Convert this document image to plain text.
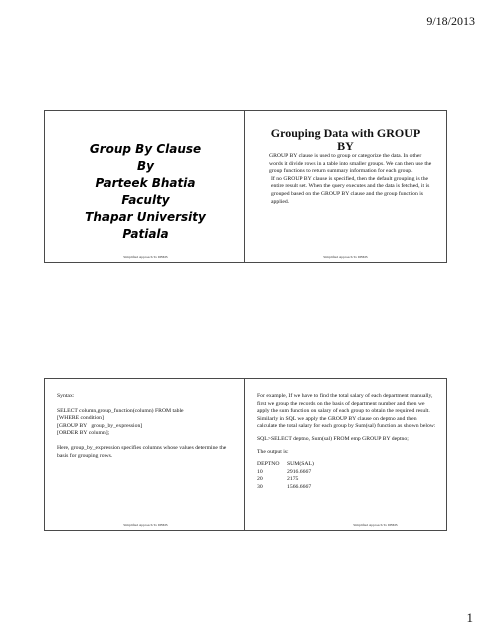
9/18/2013
Group By Clause
By
Parteek Bhatia
Faculty
Thapar University
Patiala
Simplified Approach To DBMS
Grouping Data with GROUP
BY
GROUP BY clause is used to group or categorize the data. In other words it divide rows in a table into smaller groups. We can then use the group functions to return summary information for each group.
If no GROUP BY clause is specified, then the default grouping is the entire result set. When the query executes and the data is fetched, it is grouped based on the GROUP BY clause and the group function is applied.
Simplified Approach To DBMS

Syntax:

SELECT column,group_function(column) FROM table
[WHERE condition]
[GROUP BY   group_by_expression]
[ORDER BY column];

Here, group_by_expression specifies columns whose values determine the basis for grouping rows.

Simplified Approach To DBMS

For example, If we have to find the total salary of each department manually, first we group the records on the basis of department number and then we apply the sum function on salary of each group to obtain the required result. Similarly in SQL we apply the GROUP BY clause on deptno and then calculate the total salary for each group by Sum(sal) function as shown below:

SQL>SELECT deptno, Sum(sal) FROM emp GROUP BY deptno;

The output is:

DEPTNO	SUM(SAL)
10	2916.6667
20	2175
30	1566.6667
Simplified Approach To DBMS
1
